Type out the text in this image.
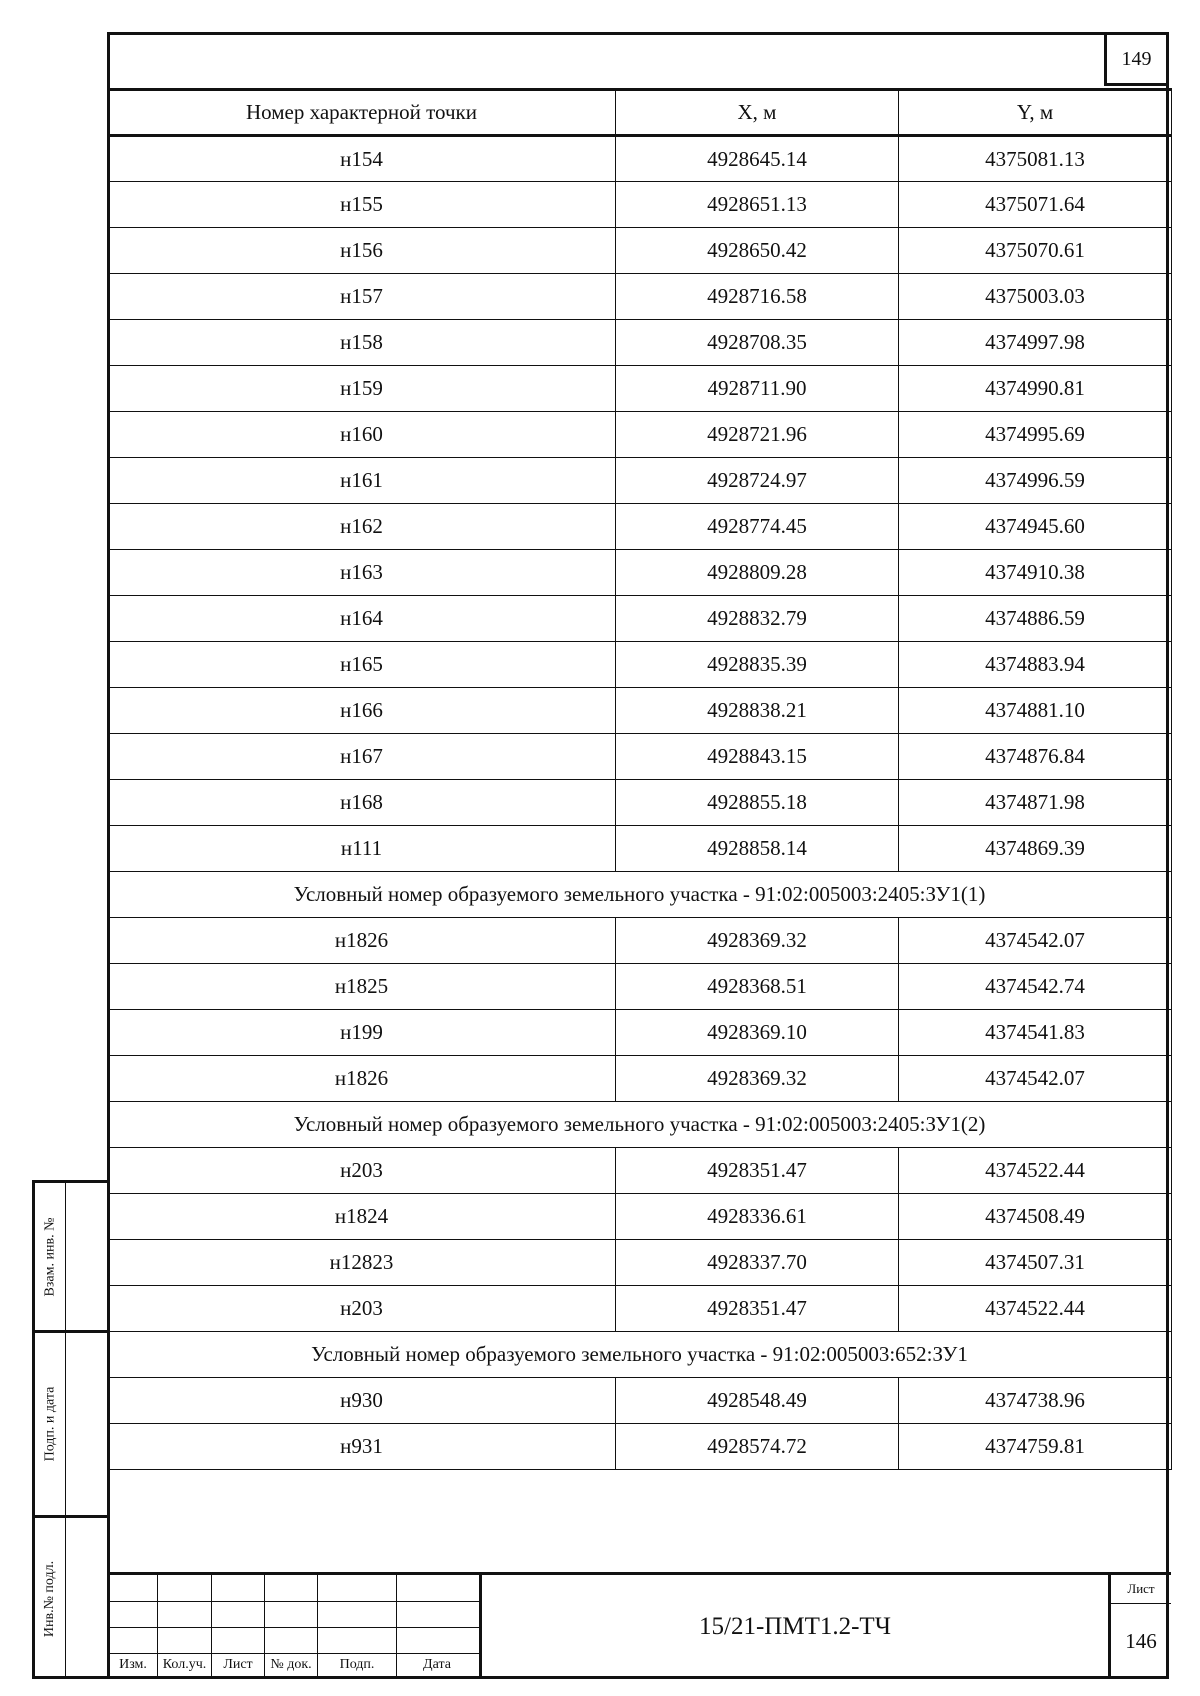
149
Номер характерной точки	X, м	Y, м
н154	4928645.14	4375081.13
н155	4928651.13	4375071.64
н156	4928650.42	4375070.61
н157	4928716.58	4375003.03
н158	4928708.35	4374997.98
н159	4928711.90	4374990.81
н160	4928721.96	4374995.69
н161	4928724.97	4374996.59
н162	4928774.45	4374945.60
н163	4928809.28	4374910.38
н164	4928832.79	4374886.59
н165	4928835.39	4374883.94
н166	4928838.21	4374881.10
н167	4928843.15	4374876.84
н168	4928855.18	4374871.98
н111	4928858.14	4374869.39
Условный номер образуемого земельного участка - 91:02:005003:2405:ЗУ1(1)		
н1826	4928369.32	4374542.07
н1825	4928368.51	4374542.74
н199	4928369.10	4374541.83
н1826	4928369.32	4374542.07
Условный номер образуемого земельного участка - 91:02:005003:2405:ЗУ1(2)		
н203	4928351.47	4374522.44
н1824	4928336.61	4374508.49
н12823	4928337.70	4374507.31
н203	4928351.47	4374522.44
Условный номер образуемого земельного участка - 91:02:005003:652:ЗУ1		
н930	4928548.49	4374738.96
н931	4928574.72	4374759.81
Изм.	Кол.уч.	Лист	№ док.	Подп.	Дата
15/21-ПМТ1.2-ТЧ
Лист
146
Взам. инв. №
Подп. и дата
Инв.№ подл.
